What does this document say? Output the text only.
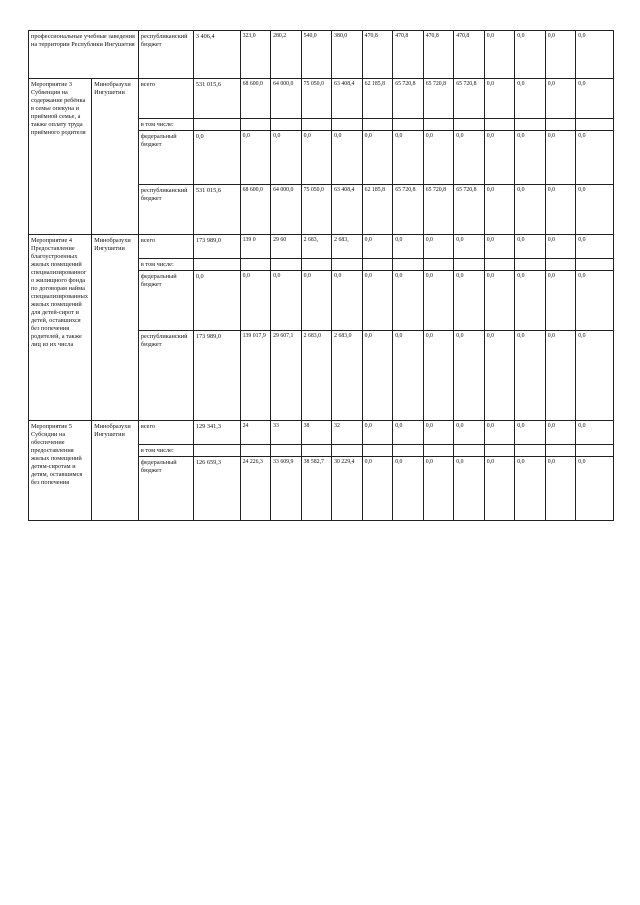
профессиональные учебные заведения на территории Республики Ингушетия		республиканский бюджет	3 406,4	323,0	280,2	540,0	380,0	470,8	470,8	470,8	470,8	0,0	0,0	0,0	0,0
Мероприятие 3 Субвенция на содержание ребёнка в семье опекуна и приёмной семье, а также оплату труда приёмного родителя	Минобразухи Ингушетии	всего	531 015,6	68 600,0	64 000,0	75 050,0	63 408,4	62 185,8	65 720,8	65 720,8	65 720,8	0,0	0,0	0,0	0,0
		в том числе:													
		федеральный бюджет	0,0	0,0	0,0	0,0	0,0	0,0	0,0	0,0	0,0	0,0	0,0	0,0	0,0
		республиканский бюджет	531 015,6	68 600,0	64 000,0	75 050,0	63 408,4	62 185,8	65 720,8	65 720,8	65 720,8	0,0	0,0	0,0	0,0
Мероприятие 4 Предоставление благоустроенных жилых помещений специализированного жилищного фонда по договорам найма специализированных жилых помещений для детей-сирот и детей, оставшихся без попечения родителей, а также лиц из их числа	Минобразухи Ингушетии	всего	173 989,0	139 0	29 60	2 683,	2 683,	0,0	0,0	0,0	0,0	0,0	0,0	0,0	0,0
		в том числе:													
		федеральный бюджет	0,0	0,0	0,0	0,0	0,0	0,0	0,0	0,0	0,0	0,0	0,0	0,0	0,0
		республиканский бюджет	173 989,0	139 017,9	29 607,1	2 683,0	2 683,0	0,0	0,0	0,0	0,0	0,0	0,0	0,0	0,0
Мероприятие 5 Субсидии на обеспечение предоставления жилых помещений детям-сиротам и детям, оставшимся без попечения	Минобразухи Ингушетии	всего	129 341,3	24	33	38	32	0,0	0,0	0,0	0,0	0,0	0,0	0,0	0,0
		в том числе:													
		федеральный бюджет	126 659,3	24 226,3	33 609,9	38 582,7	30 229,4	0,0	0,0	0,0	0,0	0,0	0,0	0,0	0,0
